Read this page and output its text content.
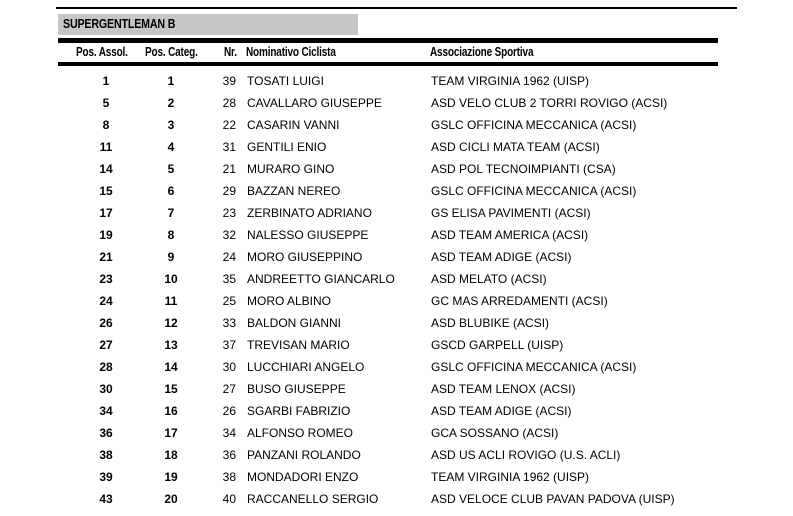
SUPERGENTLEMAN B
Pos. Assol.	Pos. Categ.	Nr. Nominativo Ciclista	Associazione Sportiva
1	1	39 TOSATI LUIGI	TEAM VIRGINIA 1962 (UISP)
5	2	28 CAVALLARO GIUSEPPE	ASD VELO CLUB 2 TORRI ROVIGO (ACSI)
8	3	22 CASARIN VANNI	GSLC OFFICINA MECCANICA (ACSI)
11	4	31 GENTILI ENIO	ASD CICLI MATA TEAM (ACSI)
14	5	21 MURARO GINO	ASD POL TECNOIMPIANTI (CSA)
15	6	29 BAZZAN NEREO	GSLC OFFICINA MECCANICA (ACSI)
17	7	23 ZERBINATO ADRIANO	GS ELISA PAVIMENTI (ACSI)
19	8	32 NALESSO GIUSEPPE	ASD TEAM AMERICA (ACSI)
21	9	24 MORO GIUSEPPINO	ASD TEAM ADIGE (ACSI)
23	10	35 ANDREETTO GIANCARLO	ASD MELATO (ACSI)
24	11	25 MORO ALBINO	GC MAS ARREDAMENTI (ACSI)
26	12	33 BALDON GIANNI	ASD BLUBIKE (ACSI)
27	13	37 TREVISAN MARIO	GSCD GARPELL (UISP)
28	14	30 LUCCHIARI ANGELO	GSLC OFFICINA MECCANICA (ACSI)
30	15	27 BUSO GIUSEPPE	ASD TEAM LENOX (ACSI)
34	16	26 SGARBI FABRIZIO	ASD TEAM ADIGE (ACSI)
36	17	34 ALFONSO ROMEO	GCA SOSSANO (ACSI)
38	18	36 PANZANI ROLANDO	ASD US ACLI ROVIGO (U.S. ACLI)
39	19	38 MONDADORI ENZO	TEAM VIRGINIA 1962 (UISP)
43	20	40 RACCANELLO SERGIO	ASD VELOCE CLUB PAVAN PADOVA (UISP)
